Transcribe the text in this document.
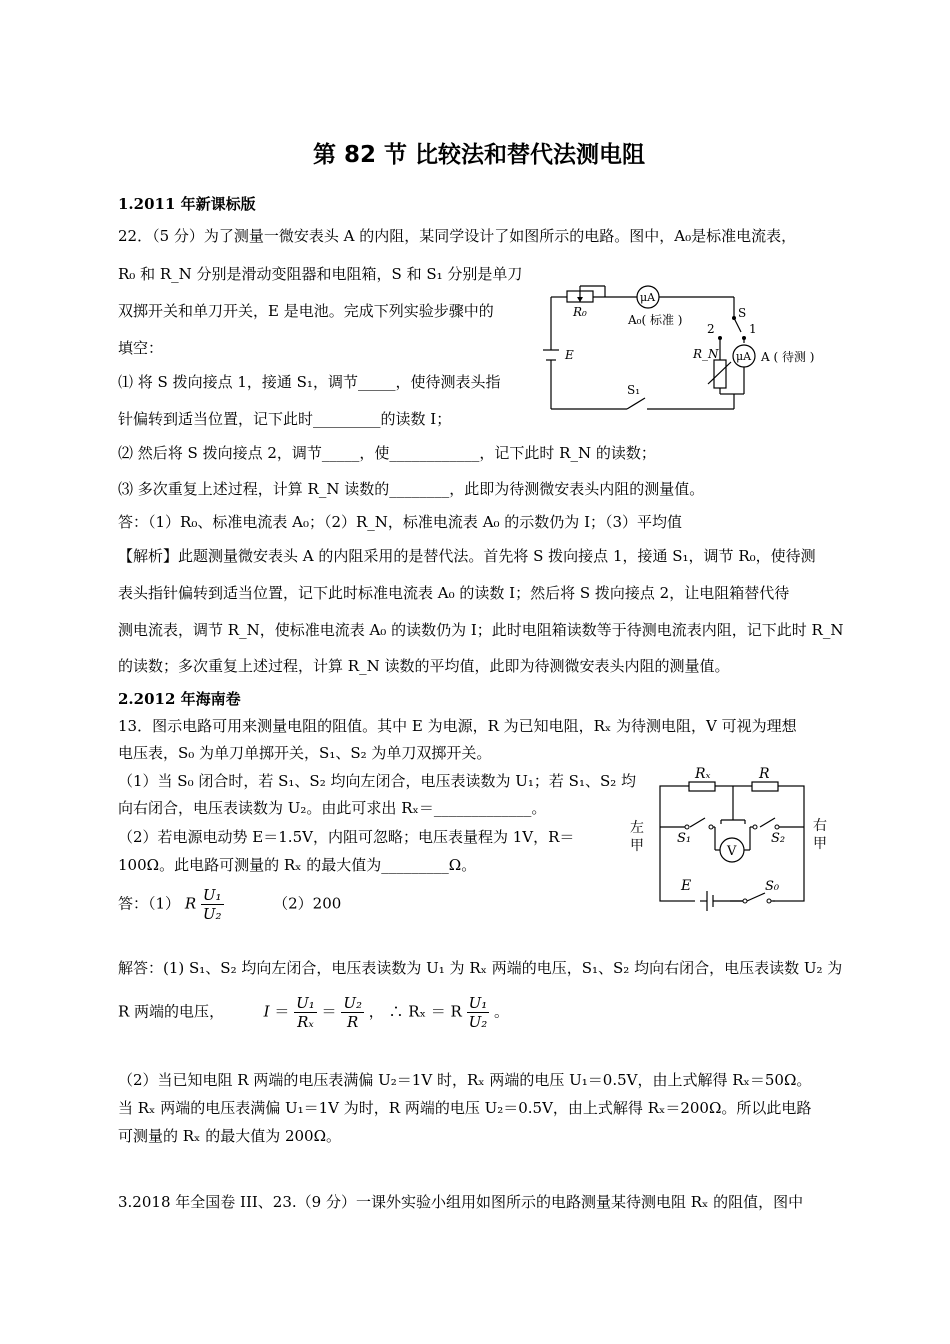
第 82 节 比较法和替代法测电阻
1.2011 年新课标版
22．（5 分）为了测量一微安表头 A 的内阻，某同学设计了如图所示的电路。图中，A₀是标准电流表，
R₀ 和 R_N 分别是滑动变阻器和电阻箱，S 和 S₁ 分别是单刀
双掷开关和单刀开关，E 是电池。完成下列实验步骤中的
填空：
⑴ 将 S 拨向接点 1，接通 S₁，调节_____，使待测表头指
针偏转到适当位置，记下此时_________的读数 I；
⑵ 然后将 S 拨向接点 2，调节_____，使____________，记下此时 R_N 的读数；
⑶ 多次重复上述过程，计算 R_N 读数的________，此即为待测微安表头内阻的测量值。
答：（1）R₀、标准电流表 A₀；（2）R_N，标准电流表 A₀ 的示数仍为 I；（3）平均值
【解析】此题测量微安表头 A 的内阻采用的是替代法。首先将 S 拨向接点 1，接通 S₁，调节 R₀，使待测
表头指针偏转到适当位置，记下此时标准电流表 A₀ 的读数 I；然后将 S 拨向接点 2，让电阻箱替代待
测电流表，调节 R_N，使标准电流表 A₀ 的读数仍为 I；此时电阻箱读数等于待测电流表内阻，记下此时 R_N
的读数；多次重复上述过程，计算 R_N 读数的平均值，此即为待测微安表头内阻的测量值。
R₀
μA
A₀( 标准 )
E
S
1
2
R_N μA A ( 待测 )
S₁
2.2012 年海南卷
13．图示电路可用来测量电阻的阻值。其中 E 为电源，R 为已知电阻，Rₓ 为待测电阻，V 可视为理想
电压表，S₀ 为单刀单掷开关，S₁、S₂ 为单刀双掷开关。
（1）当 S₀ 闭合时，若 S₁、S₂ 均向左闭合，电压表读数为 U₁；若 S₁、S₂ 均
向右闭合，电压表读数为 U₂。由此可求出 Rₓ＝_____________。
（2）若电源电动势 E＝1.5V，内阻可忽略；电压表量程为 1V，R＝
100Ω。此电路可测量的 Rₓ 的最大值为_________Ω。
答：（1） R $\frac{\text{U₁}}{\text{U₂}}$	（2）200
解答：(1) S₁、S₂ 均向左闭合，电压表读数为 U₁ 为 Rₓ 两端的电压，S₁、S₂ 均向右闭合，电压表读数 U₂ 为
R 两端的电压，	$I = \frac{\text{U₁}}{\text{Rₓ}} = \frac{\text{U₂}}{R}$ ， ∴ Rₓ ＝ R $\frac{\text{U₁}}{\text{U₂}}$ 。
（2）当已知电阻 R 两端的电压表满偏 U₂＝1V 时，Rₓ 两端的电压 U₁＝0.5V，由上式解得 Rₓ＝50Ω。
当 Rₓ 两端的电压表满偏 U₁＝1V 为时，R 两端的电压 U₂＝0.5V，由上式解得 Rₓ＝200Ω。所以此电路
可测量的 Rₓ 的最大值为 200Ω。
Rₓ	R
左
甲
右
甲
S₁
V
S₂
E	S₀
3.2018 年全国卷 III、23.（9 分）一课外实验小组用如图所示的电路测量某待测电阻 Rₓ 的阻值，图中
